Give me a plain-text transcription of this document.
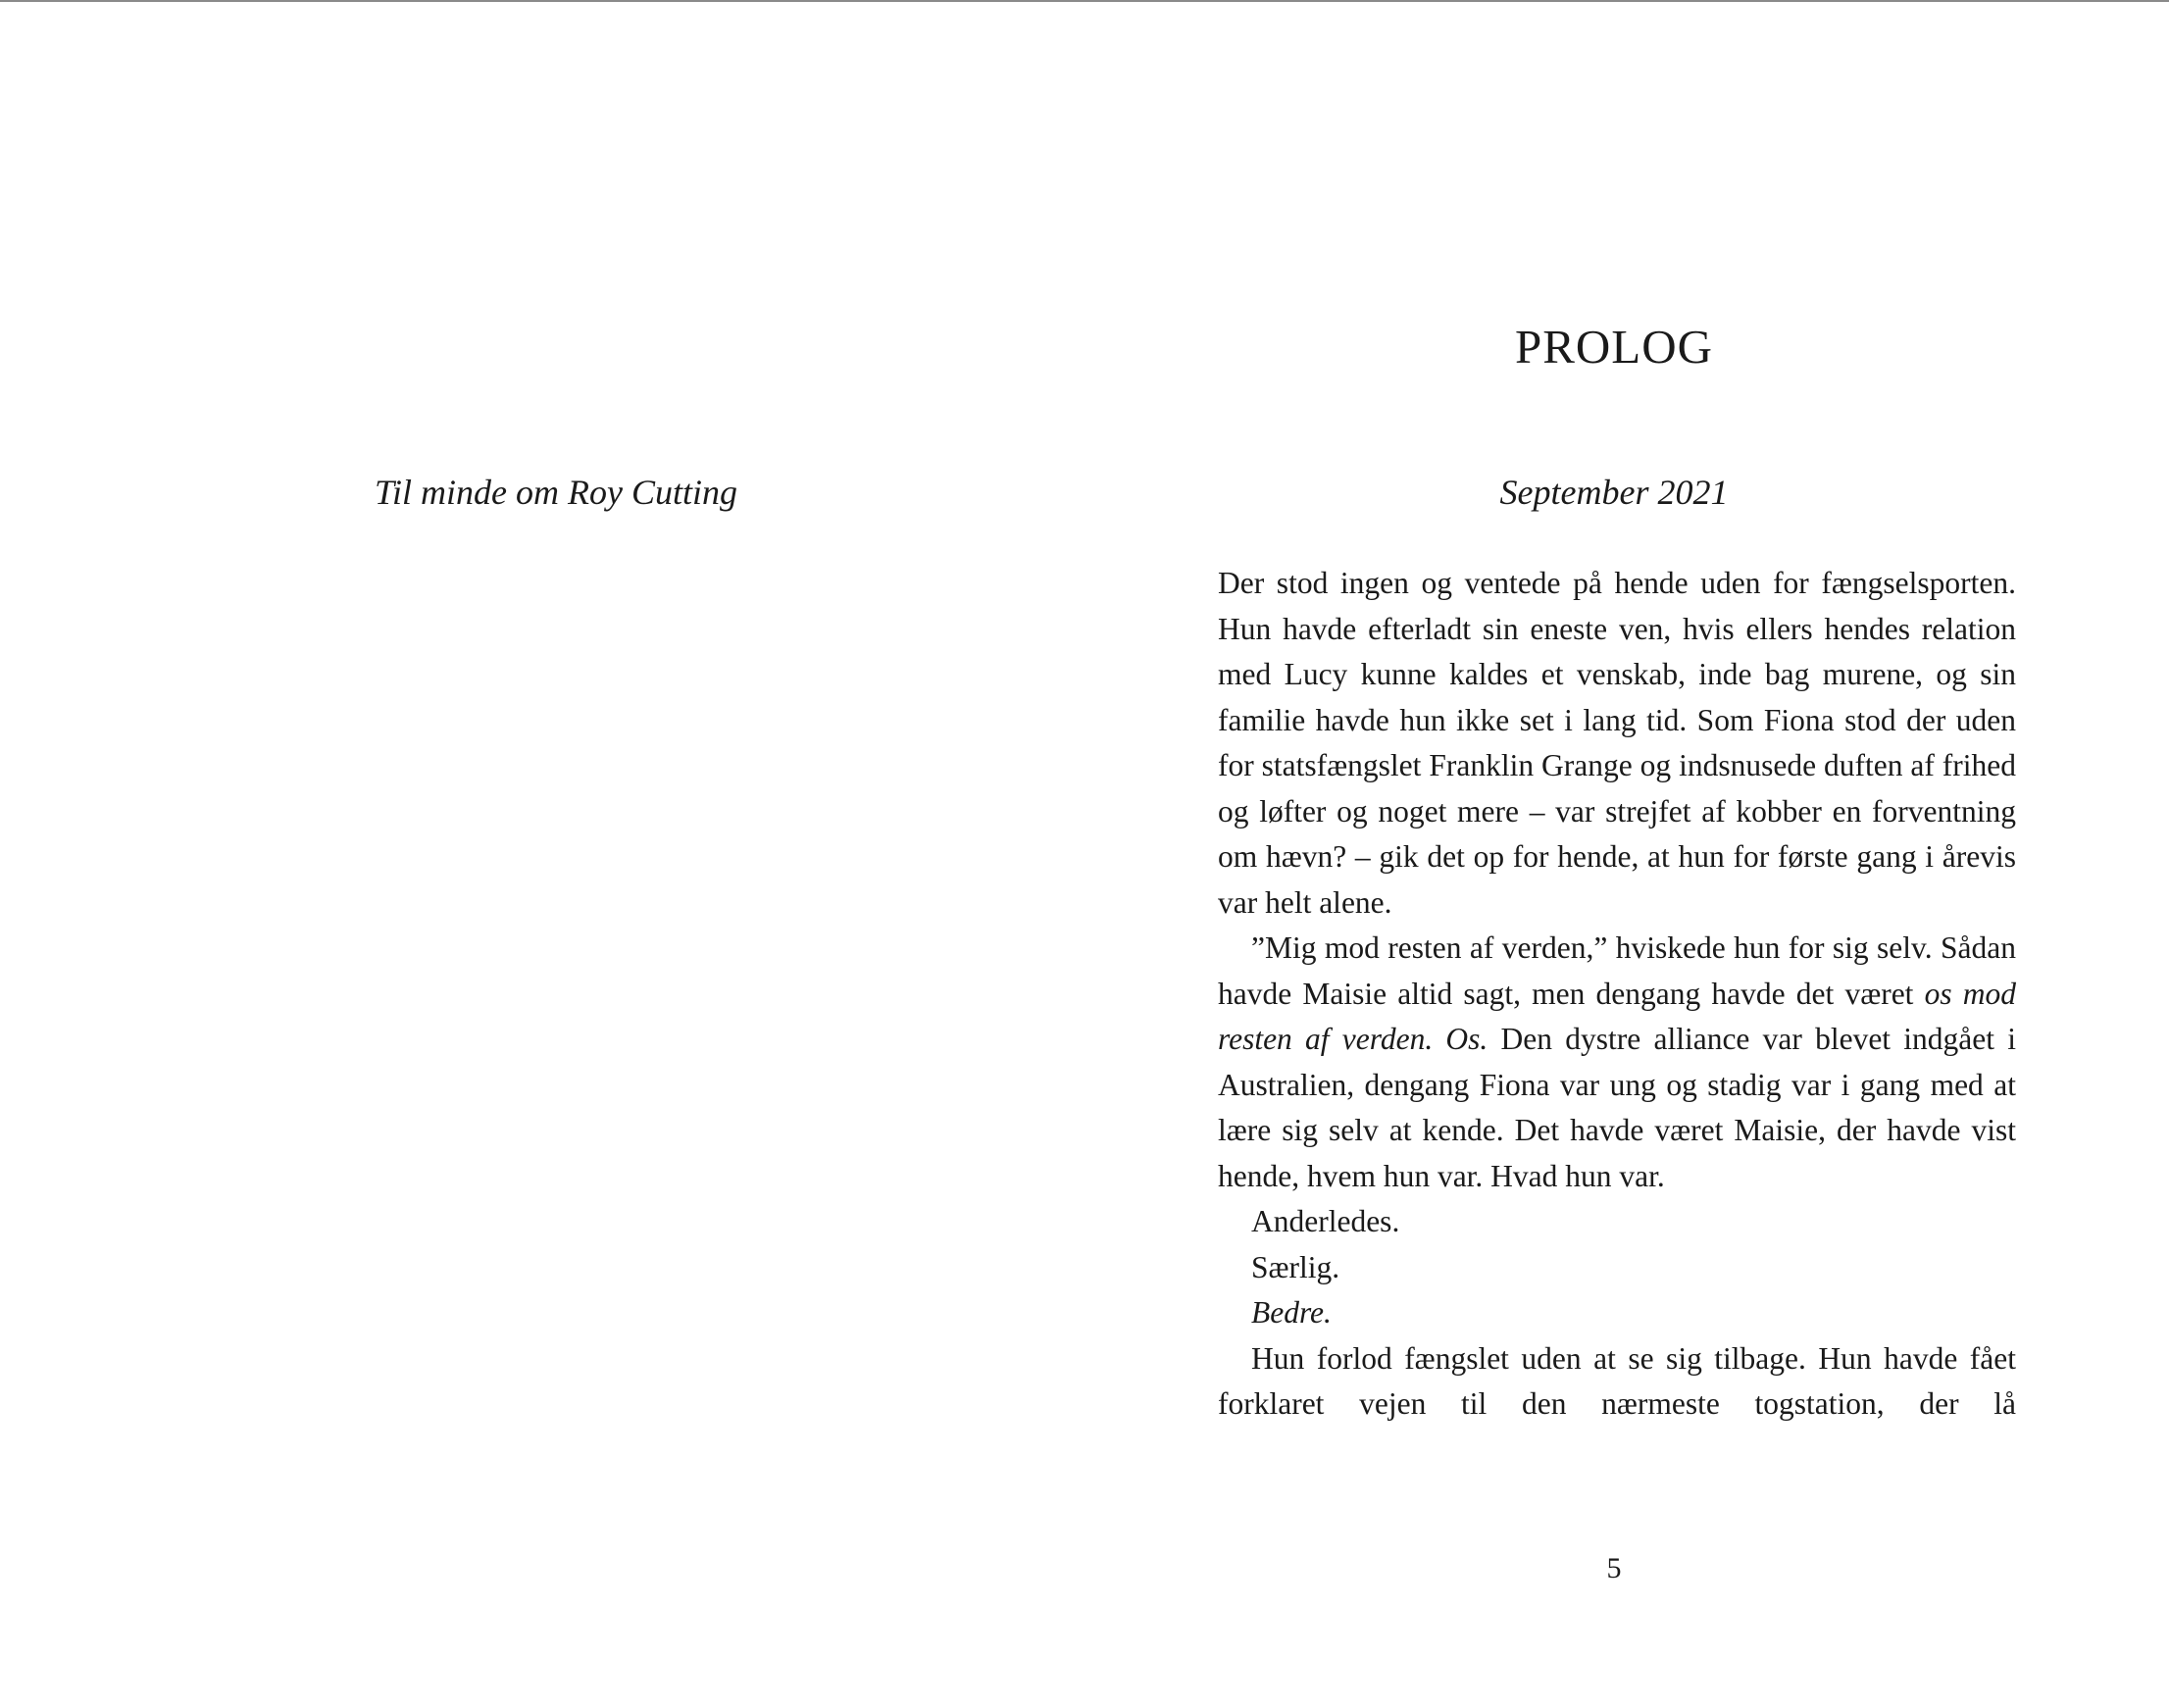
Til minde om Roy Cutting

PROLOG

September 2021

Der stod ingen og ventede på hende uden for fængselsporten. Hun havde efterladt sin eneste ven, hvis ellers hendes relation med Lucy kunne kaldes et venskab, inde bag murene, og sin familie havde hun ikke set i lang tid. Som Fiona stod der uden for statsfængslet Franklin Grange og indsnusede duften af frihed og løfter og noget mere – var strejfet af kobber en forventning om hævn? – gik det op for hende, at hun for første gang i årevis var helt alene.

”Mig mod resten af verden,” hviskede hun for sig selv. Sådan havde Maisie altid sagt, men dengang havde det været os mod resten af verden. Os. Den dystre alliance var blevet indgået i Australien, dengang Fiona var ung og stadig var i gang med at lære sig selv at kende. Det havde været Maisie, der havde vist hende, hvem hun var. Hvad hun var.

Anderledes.

Særlig.

Bedre.

Hun forlod fængslet uden at se sig tilbage. Hun havde fået forklaret vejen til den nærmeste togstation, der lå

5
